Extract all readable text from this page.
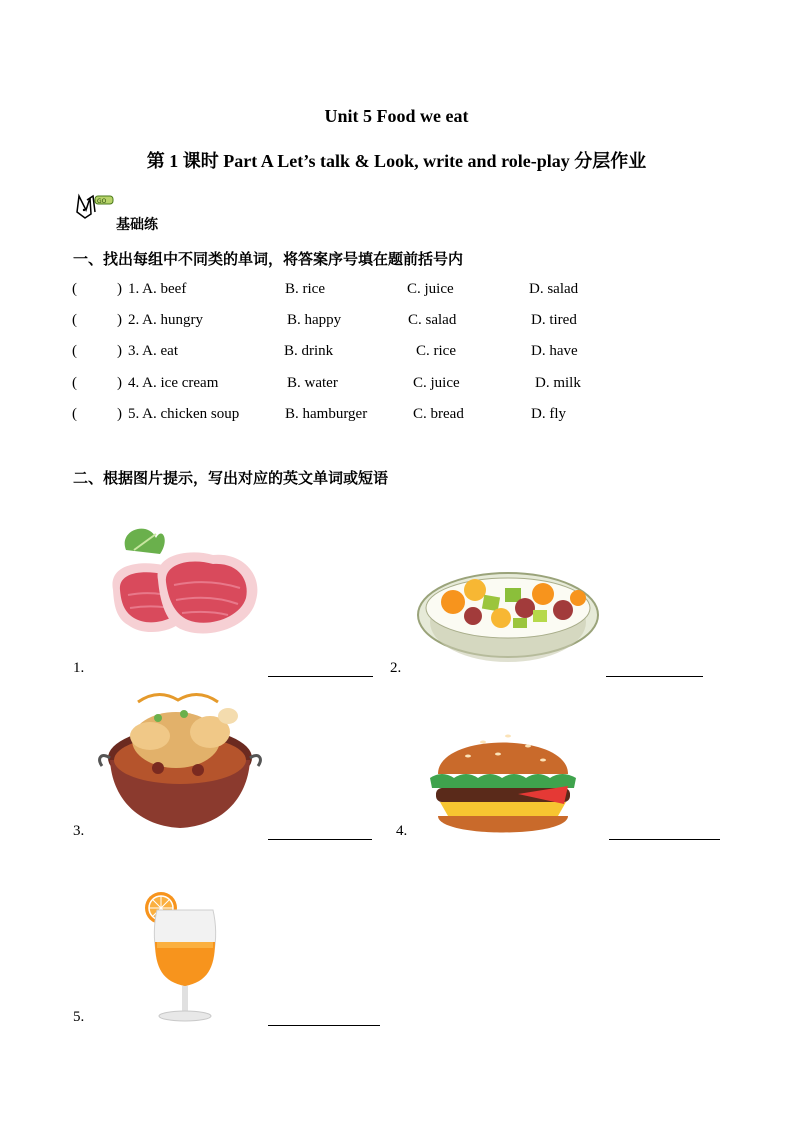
Unit 5 Food we eat
第 1 课时 Part A Let’s talk & Look, write and role-play 分层作业
GO
基础练
一、找出每组中不同类的单词，将答案序号填在题前括号内
(	) 1. A. beef	B. rice	C. juice	D. salad
(	) 2. A. hungry	B. happy	C. salad	D. tired
(	) 3. A. eat	B. drink	C. rice	D. have
(	) 4. A. ice cream	B. water	C. juice	D. milk
(	) 5. A. chicken soup	B. hamburger	C. bread	D. fly
二、根据图片提示，写出对应的英文单词或短语
1.	2.
3.	4.
5.
